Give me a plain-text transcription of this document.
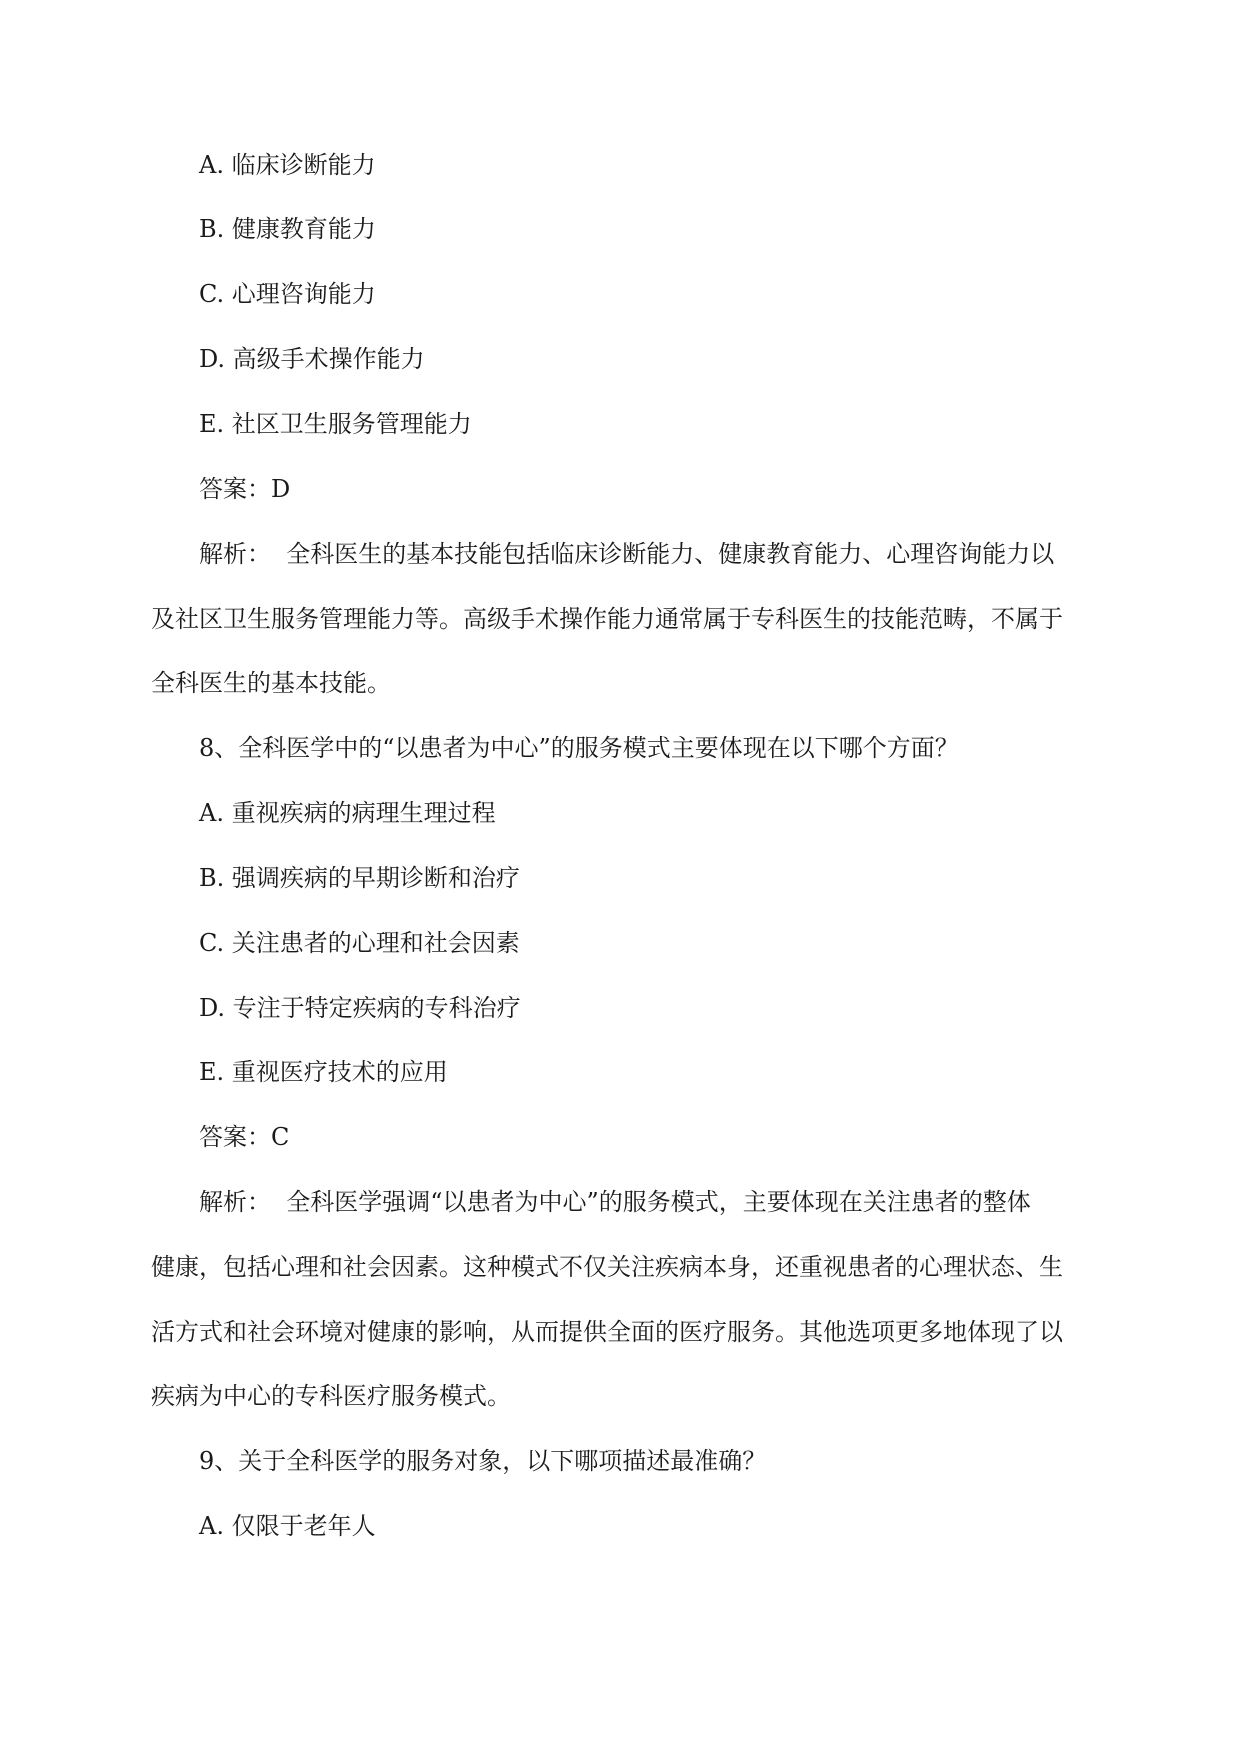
A. 临床诊断能力
B. 健康教育能力
C. 心理咨询能力
D. 高级手术操作能力
E. 社区卫生服务管理能力
答案：D
解析：  全科医生的基本技能包括临床诊断能力、健康教育能力、心理咨询能力以
及社区卫生服务管理能力等。高级手术操作能力通常属于专科医生的技能范畴，不属于
全科医生的基本技能。
8、全科医学中的“以患者为中心”的服务模式主要体现在以下哪个方面？
A. 重视疾病的病理生理过程
B. 强调疾病的早期诊断和治疗
C. 关注患者的心理和社会因素
D. 专注于特定疾病的专科治疗
E. 重视医疗技术的应用
答案：C
解析：  全科医学强调“以患者为中心”的服务模式，主要体现在关注患者的整体
健康，包括心理和社会因素。这种模式不仅关注疾病本身，还重视患者的心理状态、生
活方式和社会环境对健康的影响，从而提供全面的医疗服务。其他选项更多地体现了以
疾病为中心的专科医疗服务模式。
9、关于全科医学的服务对象，以下哪项描述最准确？
A. 仅限于老年人
